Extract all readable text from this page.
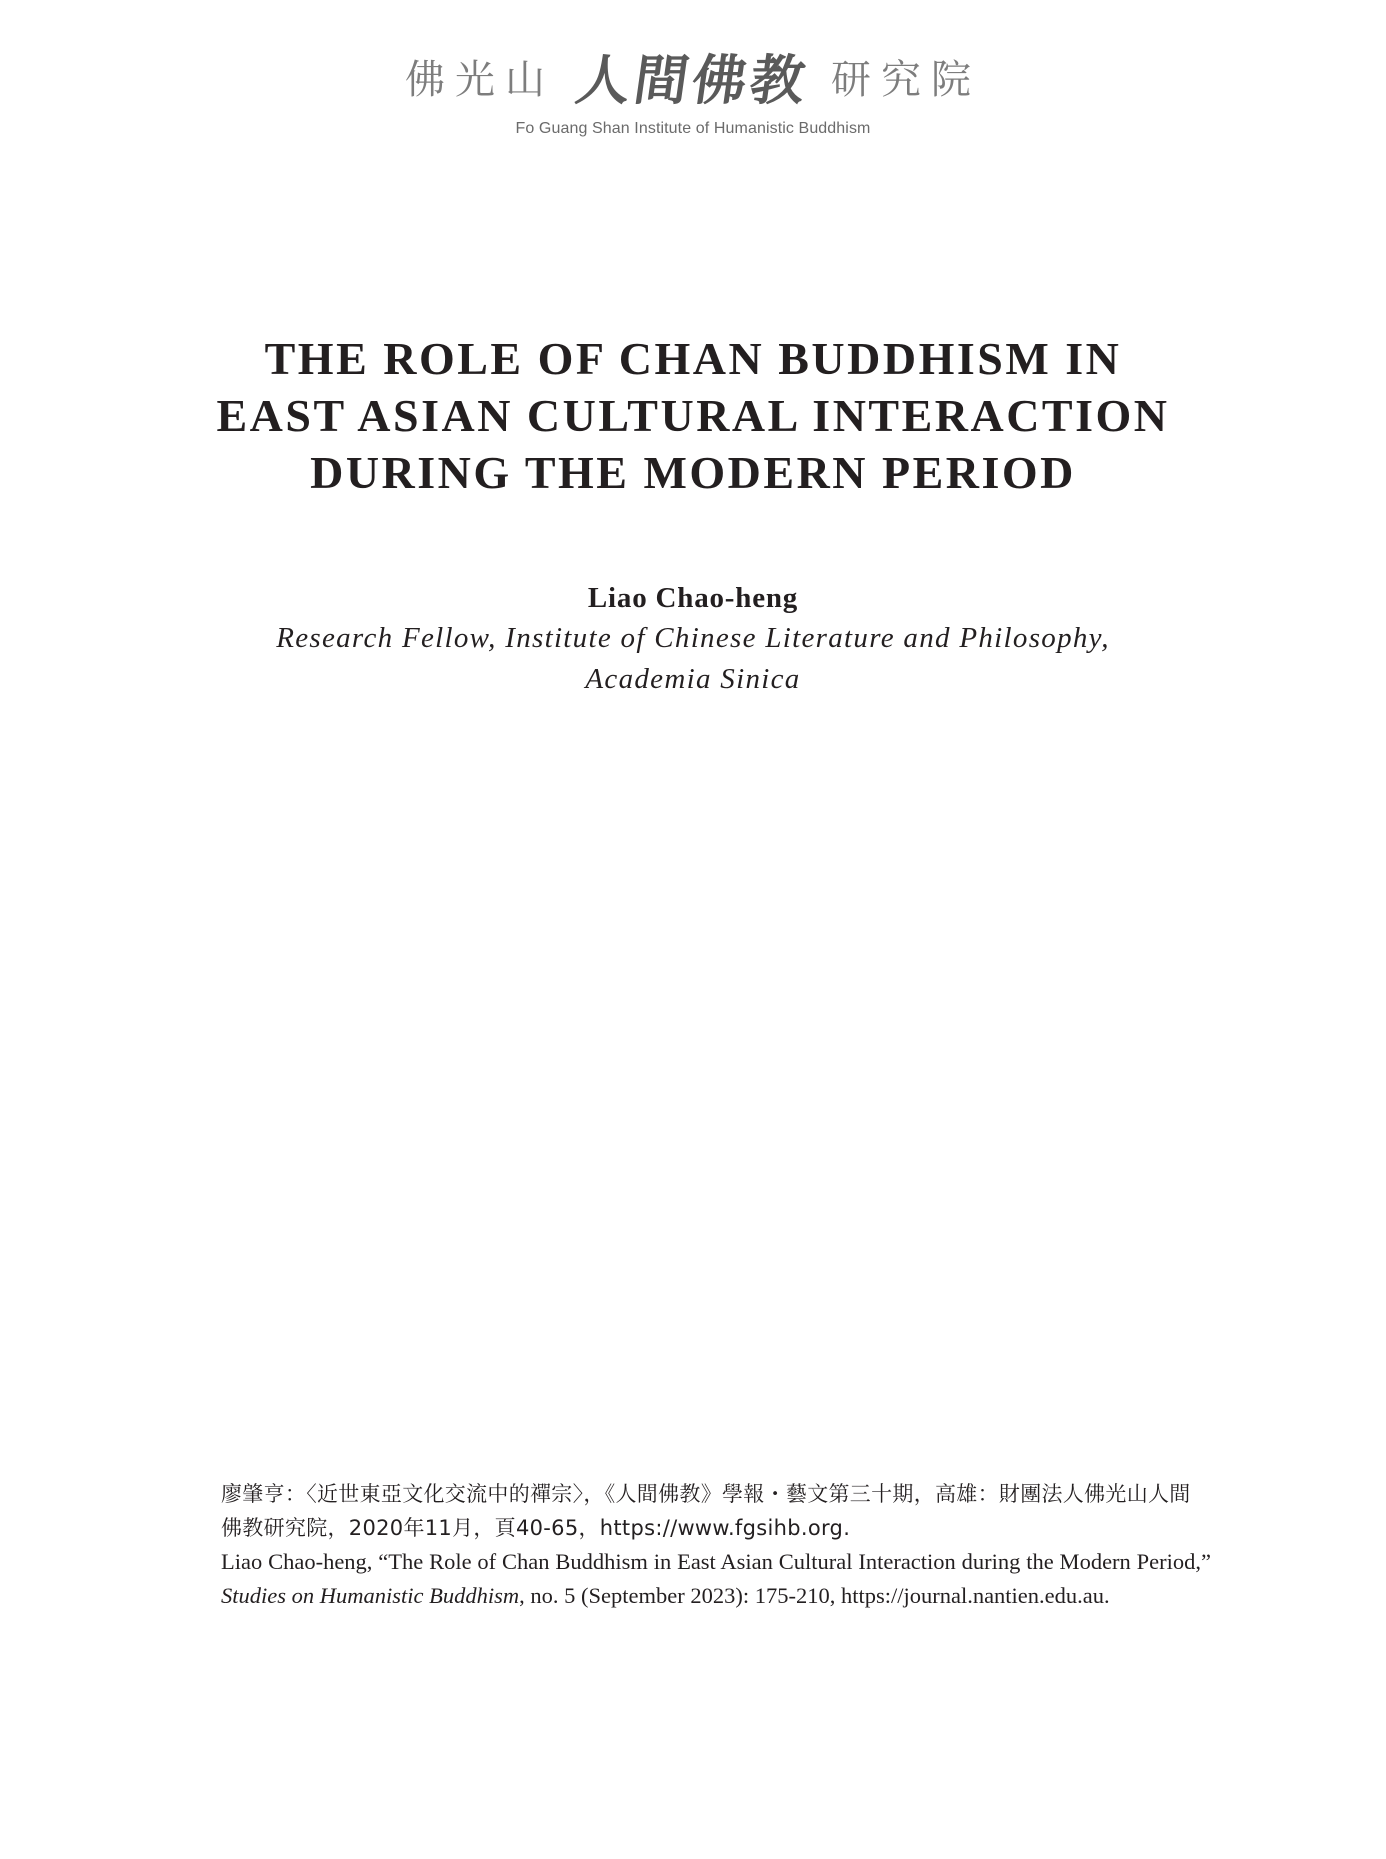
佛光山 人間佛教 研究院
Fo Guang Shan Institute of Humanistic Buddhism
THE ROLE OF CHAN BUDDHISM IN
EAST ASIAN CULTURAL INTERACTION
DURING THE MODERN PERIOD
Liao Chao-heng
Research Fellow, Institute of Chinese Literature and Philosophy,
Academia Sinica
廖肇亨：〈近世東亞文化交流中的禪宗〉，《人間佛教》學報・藝文第三十期，高雄：財團法人佛光山人間佛教研究院，2020年11月，頁40-65，https://www.fgsihb.org.
Liao Chao-heng, “The Role of Chan Buddhism in East Asian Cultural Interaction during the Modern Period,” Studies on Humanistic Buddhism, no. 5 (September 2023): 175-210, https://journal.nantien.edu.au.
